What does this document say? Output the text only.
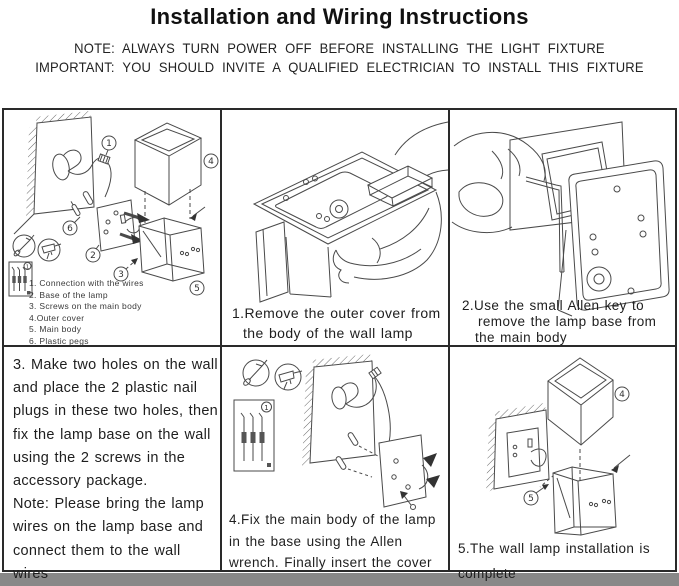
Installation and Wiring Instructions
NOTE: ALWAYS TURN POWER OFF BEFORE INSTALLING THE LIGHT FIXTURE
IMPORTANT: YOU SHOULD INVITE A QUALIFIED ELECTRICIAN TO INSTALL THIS FIXTURE
1
4
6
2
5
3
1
1. Connection with the wires
2. Base of the lamp
3. Screws on the main body
4.Outer cover
5. Main body
6. Plastic pegs
1.Remove the outer cover from
the body of the wall lamp
2.Use the small Allen key to
remove the lamp base from
the main body
3. Make two holes on the wall
and place the 2 plastic nail
plugs in these two holes, then
fix the lamp base on the wall
using the 2 screws in the
accessory package.
Note: Please bring the lamp
wires on the lamp base and
connect them to the wall
wires
1
4.Fix the main body of the lamp
in the base using the Allen
wrench. Finally insert the cover
4
5
5.The wall lamp installation is
complete
